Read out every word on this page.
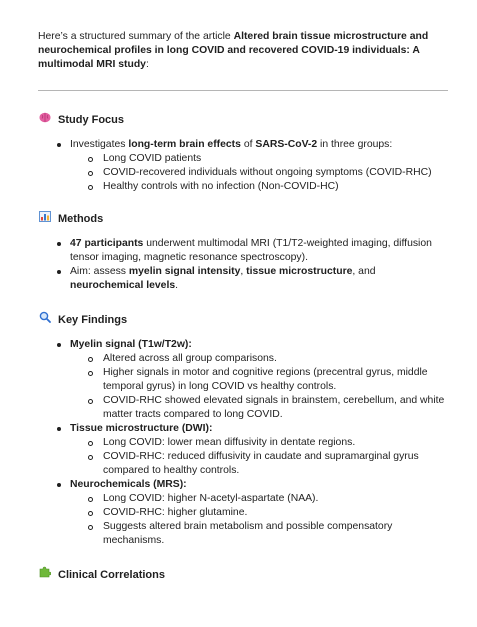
Here’s a structured summary of the article Altered brain tissue microstructure and neurochemical profiles in long COVID and recovered COVID-19 individuals: A multimodal MRI study:
Study Focus
Investigates long-term brain effects of SARS-CoV-2 in three groups:
Long COVID patients
COVID-recovered individuals without ongoing symptoms (COVID-RHC)
Healthy controls with no infection (Non-COVID-HC)
Methods
47 participants underwent multimodal MRI (T1/T2-weighted imaging, diffusion tensor imaging, magnetic resonance spectroscopy).
Aim: assess myelin signal intensity, tissue microstructure, and neurochemical levels.
Key Findings
Myelin signal (T1w/T2w):
Altered across all group comparisons.
Higher signals in motor and cognitive regions (precentral gyrus, middle temporal gyrus) in long COVID vs healthy controls.
COVID-RHC showed elevated signals in brainstem, cerebellum, and white matter tracts compared to long COVID.
Tissue microstructure (DWI):
Long COVID: lower mean diffusivity in dentate regions.
COVID-RHC: reduced diffusivity in caudate and supramarginal gyrus compared to healthy controls.
Neurochemicals (MRS):
Long COVID: higher N-acetyl-aspartate (NAA).
COVID-RHC: higher glutamine.
Suggests altered brain metabolism and possible compensatory mechanisms.
Clinical Correlations
